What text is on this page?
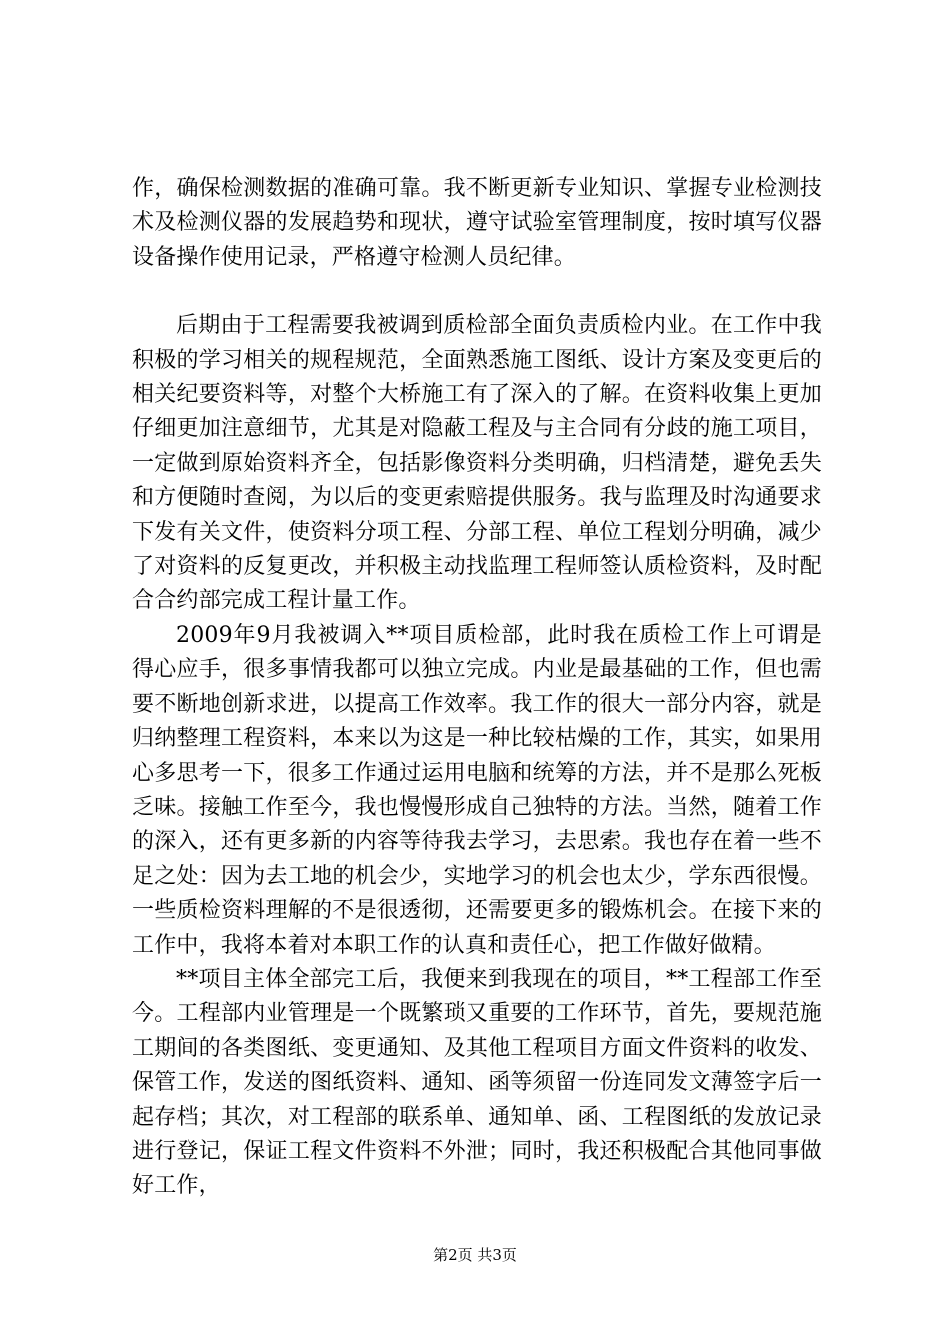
作，确保检测数据的准确可靠。我不断更新专业知识、掌握专业检测技术及检测仪器的发展趋势和现状，遵守试验室管理制度，按时填写仪器设备操作使用记录，严格遵守检测人员纪律。

后期由于工程需要我被调到质检部全面负责质检内业。在工作中我积极的学习相关的规程规范，全面熟悉施工图纸、设计方案及变更后的相关纪要资料等，对整个大桥施工有了深入的了解。在资料收集上更加仔细更加注意细节，尤其是对隐蔽工程及与主合同有分歧的施工项目，一定做到原始资料齐全，包括影像资料分类明确，归档清楚，避免丢失和方便随时查阅，为以后的变更索赔提供服务。我与监理及时沟通要求下发有关文件，使资料分项工程、分部工程、单位工程划分明确，减少了对资料的反复更改，并积极主动找监理工程师签认质检资料，及时配合合约部完成工程计量工作。

2009年9月我被调入**项目质检部，此时我在质检工作上可谓是得心应手，很多事情我都可以独立完成。内业是最基础的工作，但也需要不断地创新求进，以提高工作效率。我工作的很大一部分内容，就是归纳整理工程资料，本来以为这是一种比较枯燥的工作，其实，如果用心多思考一下，很多工作通过运用电脑和统筹的方法，并不是那么死板乏味。接触工作至今，我也慢慢形成自己独特的方法。当然，随着工作的深入，还有更多新的内容等待我去学习，去思索。我也存在着一些不足之处：因为去工地的机会少，实地学习的机会也太少，学东西很慢。一些质检资料理解的不是很透彻，还需要更多的锻炼机会。在接下来的工作中，我将本着对本职工作的认真和责任心，把工作做好做精。

**项目主体全部完工后，我便来到我现在的项目，**工程部工作至今。工程部内业管理是一个既繁琐又重要的工作环节，首先，要规范施工期间的各类图纸、变更通知、及其他工程项目方面文件资料的收发、保管工作，发送的图纸资料、通知、函等须留一份连同发文薄签字后一起存档；其次，对工程部的联系单、通知单、函、工程图纸的发放记录进行登记，保证工程文件资料不外泄；同时，我还积极配合其他同事做好工作，

第2页 共3页
